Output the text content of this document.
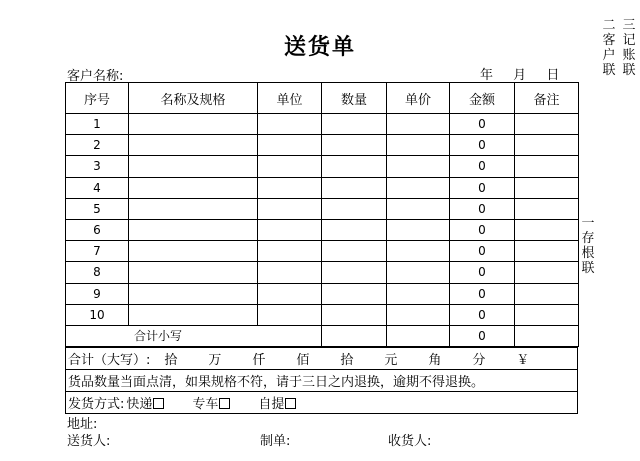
送货单
客户名称:	年 月 日
二客户联
三记账联
一存根联
序号	名称及规格	单位	数量	单价	金额	备注
1					0	
2					0	
3					0	
4					0	
5					0	
6					0	
7					0	
8					0	
9					0	
10					0	
合计小写					0	
合计（大写）: 拾 万 仟 佰 拾 元 角 分 ￥
货品数量当面点清，如果规格不符，请于三日之内退换，逾期不得退换。
发货方式: 快递	专车	自提
地址:
送货人:	制单:	收货人:
